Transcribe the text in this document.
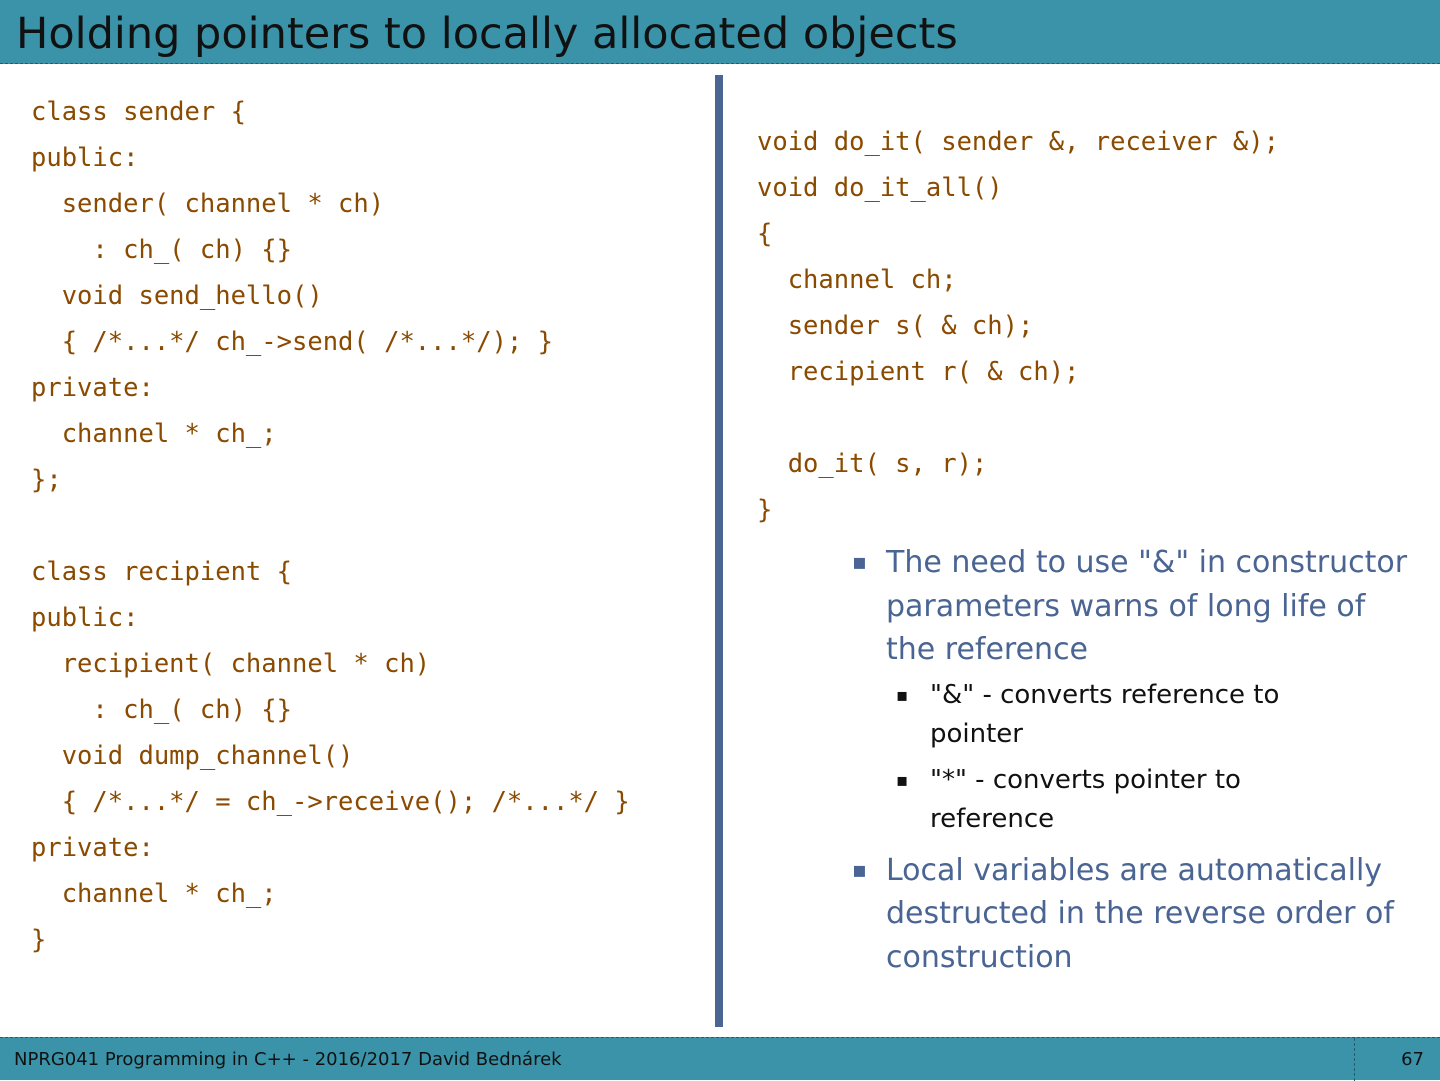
Holding pointers to locally allocated objects
class sender {
public:
sender( channel * ch)
: ch_( ch) {}
void send_hello()
{ /*...*/ ch_->send( /*...*/); }
private:
channel * ch_;
};
class recipient {
public:
recipient( channel * ch)
: ch_( ch) {}
void dump_channel()
{ /*...*/ = ch_->receive(); /*...*/ }
private:
channel * ch_;
}
void do_it( sender &, receiver &);
void do_it_all()
{
channel ch;
sender s( & ch);
recipient r( & ch);
do_it( s, r);
}
▪ The need to use "&" in constructor parameters warns of long life of the reference
▪ "&" - converts reference to pointer
▪ "*" - converts pointer to reference
▪ Local variables are automatically destructed in the reverse order of construction
NPRG041 Programming in C++ - 2016/2017 David Bednárek	67
